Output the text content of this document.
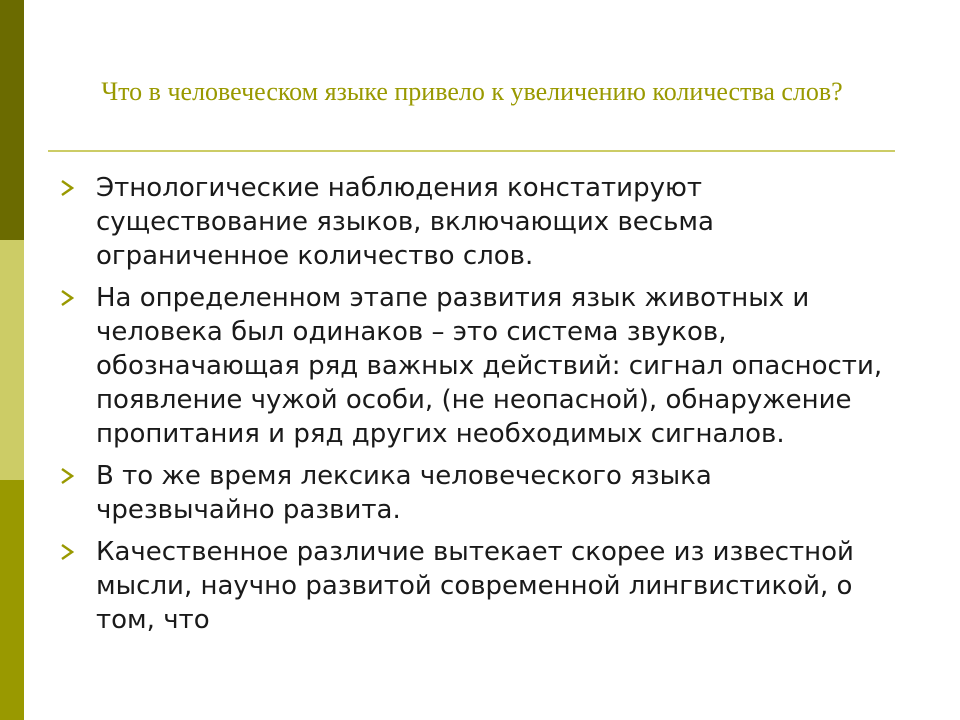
Что в человеческом языке привело к увеличению количества слов?
Этнологические наблюдения констатируют существование языков, включающих весьма ограниченное количество слов.
На определенном этапе развития язык животных и человека был одинаков – это система звуков, обозначающая ряд важных действий: сигнал опасности, появление чужой особи, (не неопасной), обнаружение пропитания и ряд других необходимых сигналов.
В то же время лексика человеческого языка чрезвычайно развита.
Качественное различие вытекает скорее из известной мысли, научно развитой современной лингвистикой, о том, что
